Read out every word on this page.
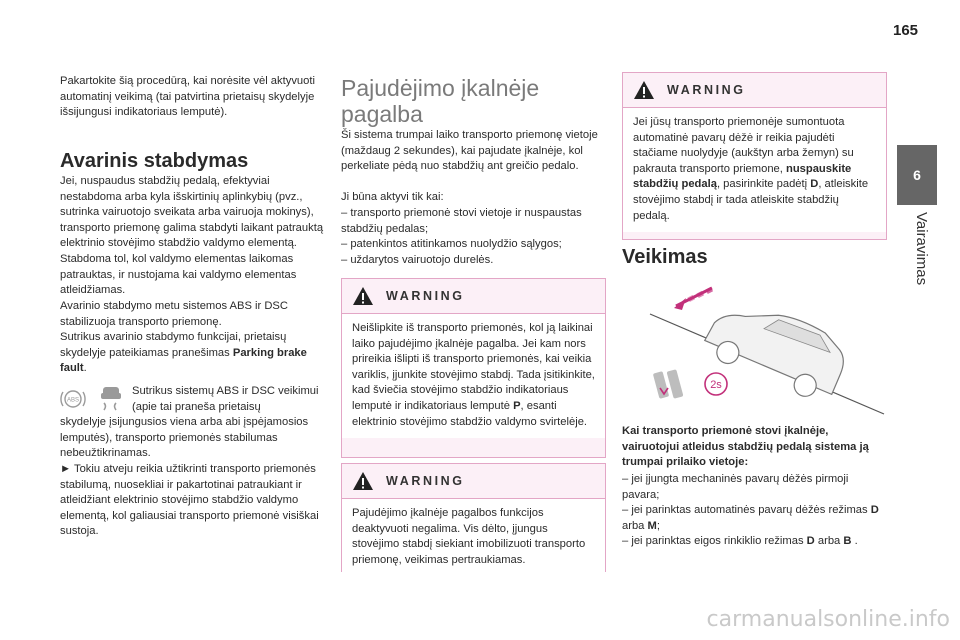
165
6
Vairavimas

Pakartokite šią procedūrą, kai norėsite vėl aktyvuoti automatinį veikimą (tai patvirtina prietaisų skydelyje išsijungusi indikatoriaus lemputė).

Avarinis stabdymas

Jei, nuspaudus stabdžių pedalą, efektyviai nestabdoma arba kyla išskirtinių aplinkybių (pvz., sutrinka vairuotojo sveikata arba vairuoja mokinys), transporto priemonę galima stabdyti laikant patrauktą elektrinio stovėjimo stabdžio valdymo elementą. Stabdoma tol, kol valdymo elementas laikomas patrauktas, ir nustojama kai valdymo elementas atleidžiamas.

Avarinio stabdymo metu sistemos ABS ir DSC stabilizuoja transporto priemonę.

Sutrikus avarinio stabdymo funkcijai, prietaisų skydelyje pateikiamas pranešimas Parking brake fault.

ABS

Sutrikus sistemų ABS ir DSC veikimui (apie tai praneša prietaisų

skydelyje įsijungusios viena arba abi įspėjamosios lemputės), transporto priemonės stabilumas nebeužtikrinamas.

► Tokiu atveju reikia užtikrinti transporto priemonės stabilumą, nuosekliai ir pakartotinai patraukiant ir atleidžiant elektrinio stovėjimo stabdžio valdymo elementą, kol galiausiai transporto priemonė visiškai sustoja.

Pajudėjimo įkalnėje pagalba

Ši sistema trumpai laiko transporto priemonę vietoje (maždaug 2 sekundes), kai pajudate įkalnėje, kol perkeliate pėdą nuo stabdžių ant greičio pedalo.

Ji būna aktyvi tik kai:

– transporto priemonė stovi vietoje ir nuspaustas stabdžių pedalas;
– patenkintos atitinkamos nuolydžio sąlygos;
– uždarytos vairuotojo durelės.
WARNING

Neišlipkite iš transporto priemonės, kol ją laikinai laiko pajudėjimo įkalnėje pagalba. Jei kam nors prireikia išlipti iš transporto priemonės, kai veikia variklis, įjunkite stovėjimo stabdį. Tada įsitikinkite, kad šviečia stovėjimo stabdžio indikatoriaus lemputė ir indikatoriaus lemputė P, esanti elektrinio stovėjimo stabdžio valdymo svirtelėje.

WARNING

Pajudėjimo įkalnėje pagalbos funkcijos deaktyvuoti negalima. Vis dėlto, įjungus stovėjimo stabdį siekiant imobilizuoti transporto priemonę, veikimas pertraukiamas.

WARNING

Jei jūsų transporto priemonėje sumontuota automatinė pavarų dėžė ir reikia pajudėti stačiame nuolydyje (aukštyn arba žemyn) su pakrauta transporto priemone, nuspauskite stabdžių pedalą, pasirinkite padėtį D, atleiskite stovėjimo stabdį ir tada atleiskite stabdžių pedalą.

Veikimas
2s

Kai transporto priemonė stovi įkalnėje, vairuotojui atleidus stabdžių pedalą sistema ją trumpai prilaiko vietoje:

– jei įjungta mechaninės pavarų dėžės pirmoji pavara;
– jei parinktas automatinės pavarų dėžės režimas D arba M;
– jei parinktas eigos rinkiklio režimas D arba B .
carmanualsonline.info
